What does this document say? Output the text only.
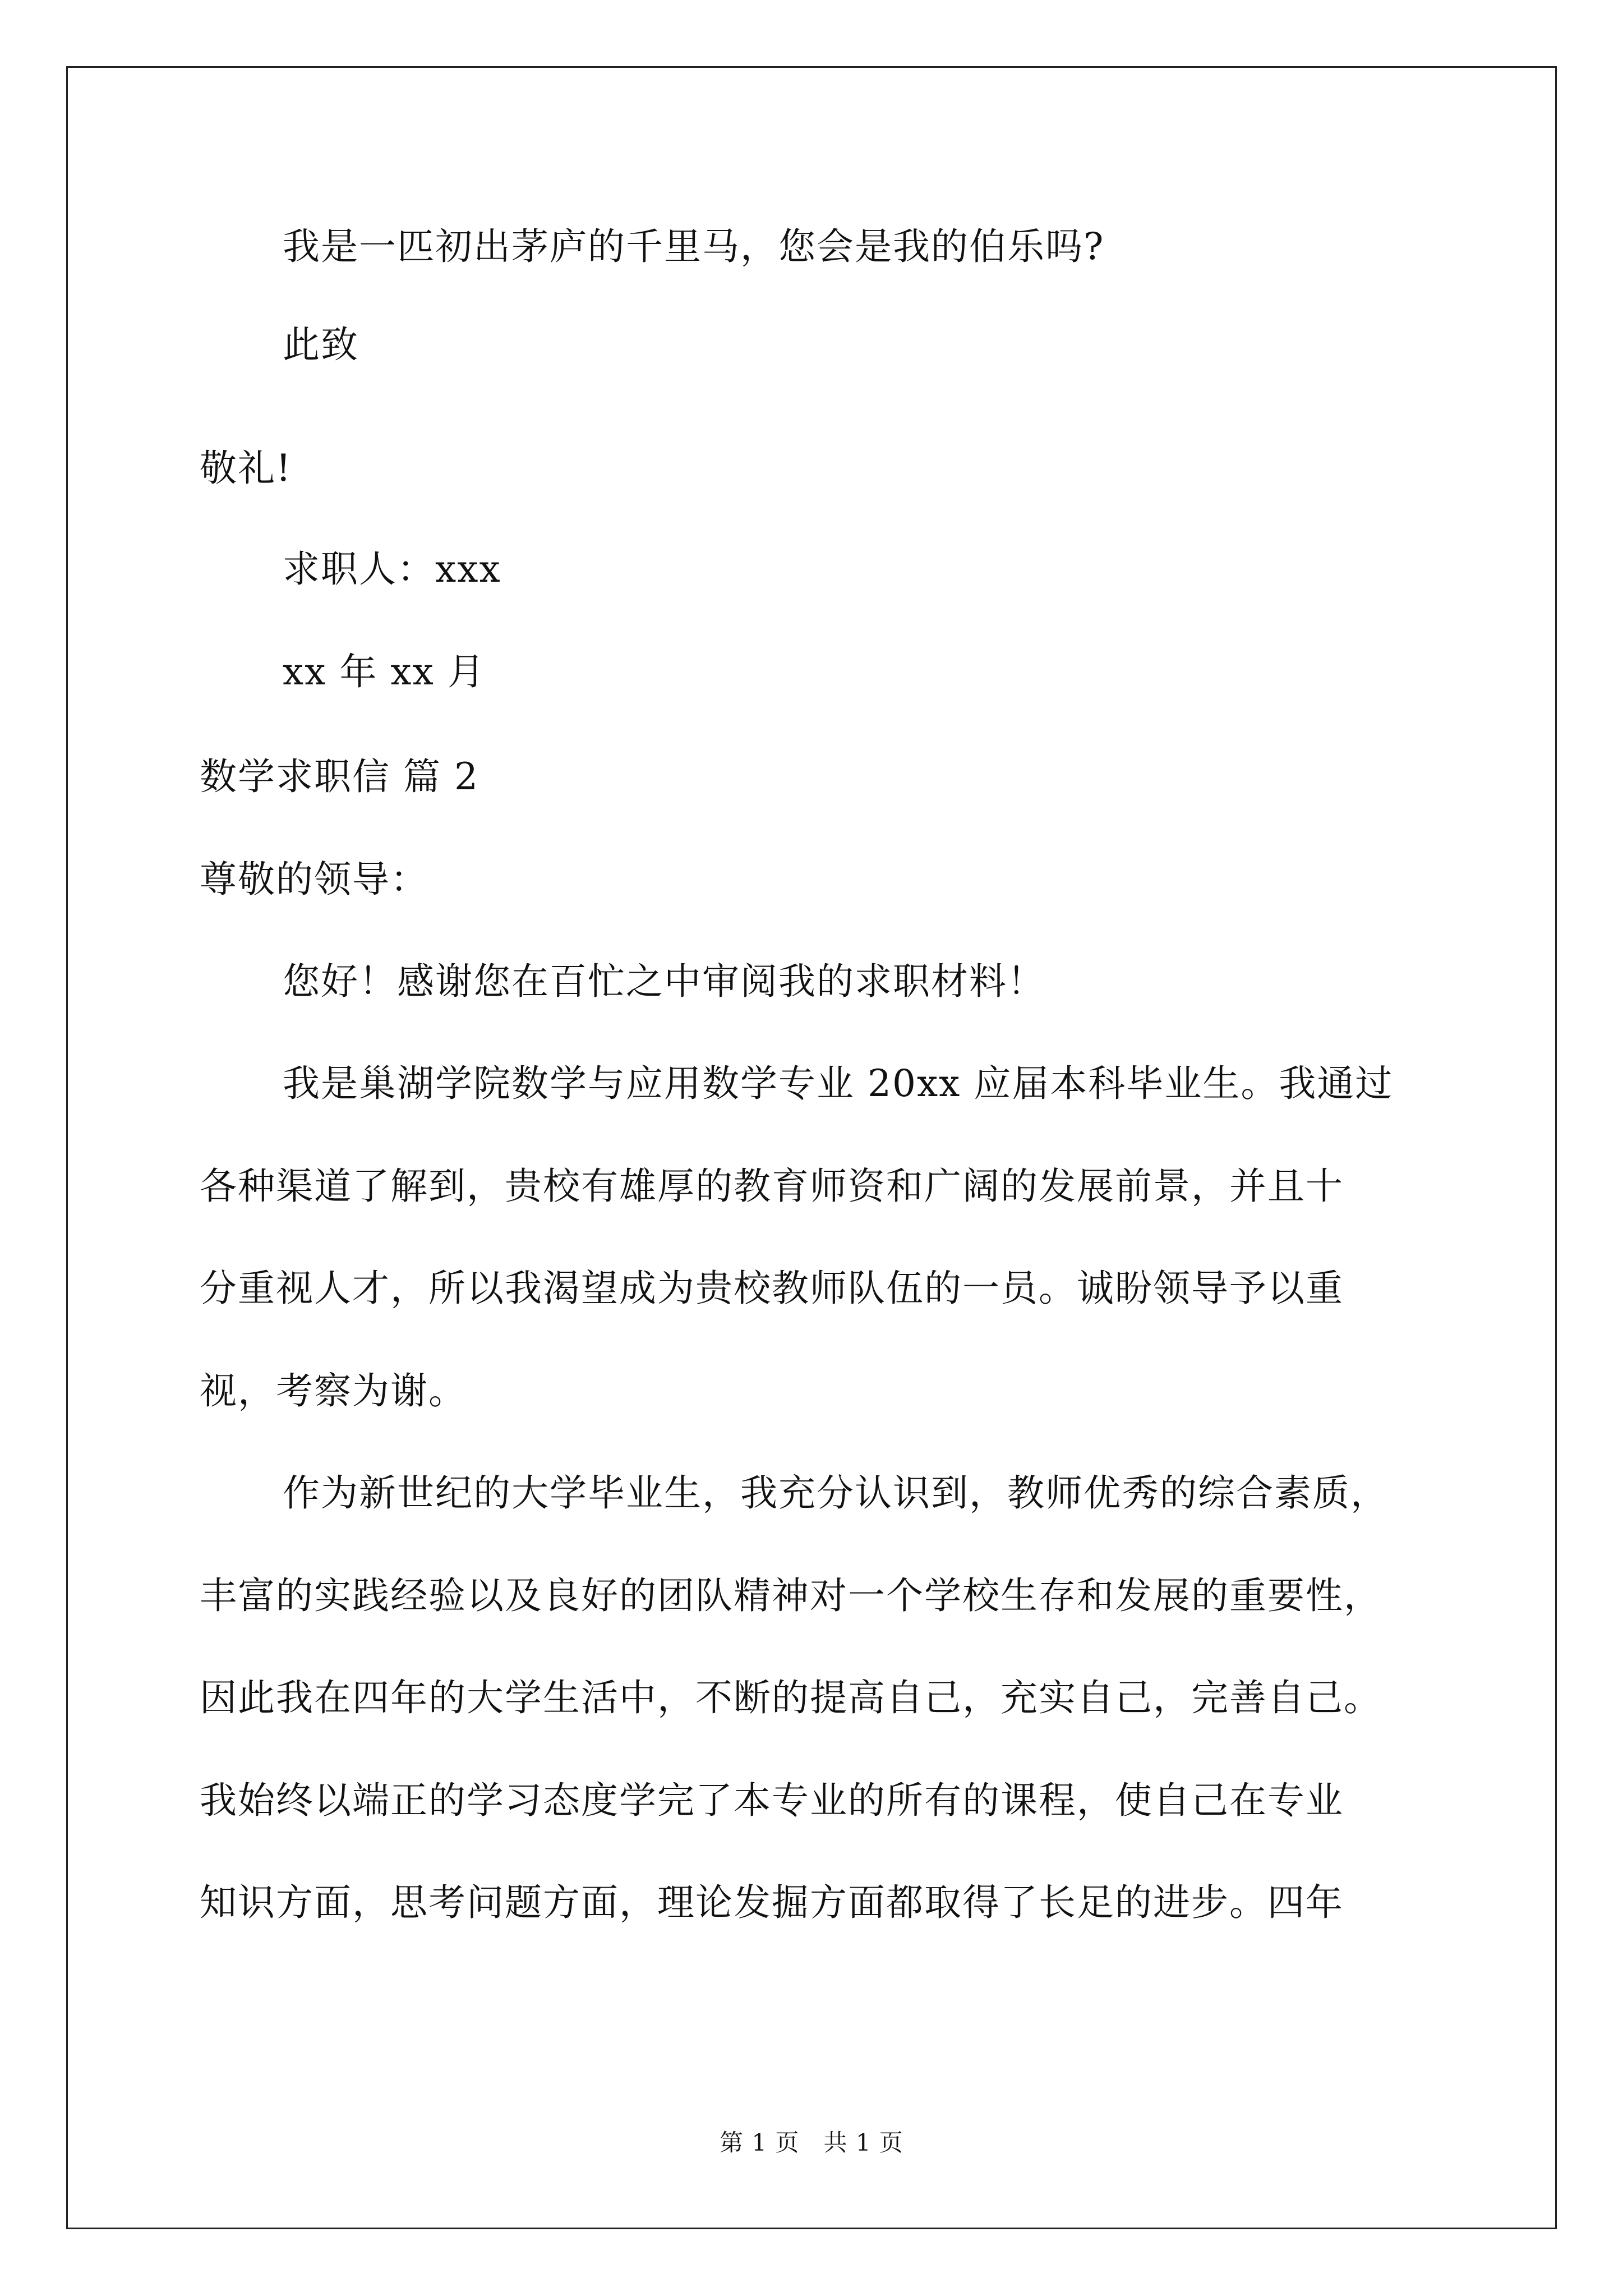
我是一匹初出茅庐的千里马，您会是我的伯乐吗?
此致
敬礼!
求职人：xxx
xx 年 xx 月
数学求职信 篇 2
尊敬的领导：
您好！感谢您在百忙之中审阅我的求职材料！
我是巢湖学院数学与应用数学专业 20xx 应届本科毕业生。我通过
各种渠道了解到，贵校有雄厚的教育师资和广阔的发展前景，并且十
分重视人才，所以我渴望成为贵校教师队伍的一员。诚盼领导予以重
视，考察为谢。
作为新世纪的大学毕业生，我充分认识到，教师优秀的综合素质，
丰富的实践经验以及良好的团队精神对一个学校生存和发展的重要性，
因此我在四年的大学生活中，不断的提高自己，充实自己，完善自己。
我始终以端正的学习态度学完了本专业的所有的课程，使自己在专业
知识方面，思考问题方面，理论发掘方面都取得了长足的进步。四年
第 1 页　共 1 页
